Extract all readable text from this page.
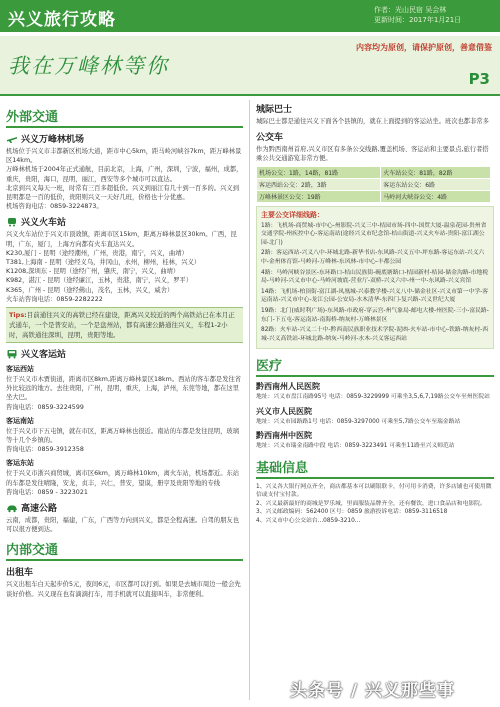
兴义旅行攻略	作者：光山民宿 吴会林
更新时间：2017年1月21日
我在万峰林等你
内容均为原创，请保护原创，善意借鉴
P3
外部交通
兴义万峰林机场

机场位于兴义市丰都新区机场大道，距市中心5km，距马岭河峡谷7km，距万峰林景区14km。

万峰林机场于2004年正式通航，目前北京，上海，广州，深圳，宁波，福州，成都，重庆，贵阳，海口，昆明，丽江，西安等多个城市可以直达。

北京到兴义每天一班，时常有三百多超低价。兴义到丽江有几十到一百多的。兴义到昆明都是一百的低价，贵阳则兴义一天好几班，价格也十分优惠。

机场咨询电话：0859-3224873。

兴义火车站

兴义火车站位于兴义市顶效镇，距离市区15km，距离万峰林景区30km。广西，昆明，广东，厦门，上海方向都有火车直达兴义。

K230,厦门 - 昆明（途经潮州，广州，贵港，南宁，兴义，曲靖）

T381,上海南 - 昆明（途经义乌，井冈山，永州，柳州，桂林，兴义）

K1208,深圳东 - 昆明（途经广州，肇庆，南宁，兴义，曲靖）

K982，湛江 - 昆明（途经廉江，玉林，贵港，南宁，兴义，罗平）

K365，广州 - 昆明（途经佛山，茂名，玉林，兴义，威舍）

火车站咨询电话：0859-2282222

Tips:目前通往兴义的高铁已经在建设，距离兴义较近的两个高铁站已在本月正式通车，一个是普安站，一个是盘州站，都有高速公路通往兴义，车程1-2小时，高铁通往深圳，昆明，贵阳等地。
兴义客运站
客运西站

位于兴义市木贾街道，距离市区8km,距离万峰林景区18km。西站的客车都是发往省外比较远的地方。去往贵阳，广州，昆明，重庆，上海，泸州，东莞等地，都在这里坐大巴。

咨询电话：0859-3224599

客运南站

位于兴义市下五屯镇，就在市区，距离万峰林也很近。南站的车都是发往昆明，玻璃等十几个乡镇的。

咨询电话：0859-3912358

客运东站

位于兴义市浙兴商贸城，离市区6km，离万峰林10km，离火车站，机场都近。东站的车都是发往晴隆，安龙，贞丰，兴仁，普安，望谟，册亨及贵阳等地的专线

咨询电话：0859 - 3223021

高速公路

云南，成都，贵阳，福建，广东，广西等方向到兴义，都是全程高速。自驾的朋友也可以很方便到达。

内部交通
出租车

兴义出租车白天起步价5元，夜间6元，市区都可以打到。如果是去城市周边一般会先谈好价格。兴义现在也有滴滴打车，用手机就可以直接叫车，非常便利。

城际巴士

城际巴士都是通往兴义下面各个县镇的，就在上面提到的客运站坐。班次也都非常多

公交车

作为黔西南州首府,兴义市区有多条公交线路,覆盖机场、客运站和主要景点,旅行者搭乘公共交通游览非常方便。

机场公交：1路，14路，81路	火车站公交：81路，82路
客运西站公交：2路，3路	客运东站公交：6路
万峰林景区公交：19路	马岭河大峡谷公交：4路
主要公交详细线路：

1路：飞机场-商贸城-市中心-州影院-兴义三中-桔园市场-四中-国贸大厦-温泉花园-贵州省交通学院-州疾控中心-客运南站(途经兴义市纪念馆-桔山街道-兴义火车站-贵阳-富江湖公园-北门)

2路：客运西站-兴义八中-环城北路-新华书店-东风路-兴义五中-坪东路-客运东站-兴义六中-金州体育馆-马岭河-万峰林-东风林-市中心-丰都公园

4路：马岭河峡谷景区-东环路口-桔山民族街-碗底塘路口-桔园新村-桔园-储金沟路-市地税局-马岭河-兴义市中心-马岭河坡底-营业厅-双桥-兴义六中-州一中-东风路-兴义宾馆

14路：飞机场-柏顶街-富江湖-凤凰城-兴泰教学楼-兴义八中-储金社区-兴义市第一中学-客运南站-兴义市中心-龙江公园-公安局-水木清华-东四门-复兴路-兴义世纪大厦

19路：北门(威时利广场)-东风路-市政府-穿云宫-州气象局-邮电大楼-州医院-三小-富民路-东门-下五屯-客运南站-南海桥-纳灰村-万峰林景区

82路：火车站-兴义二十中-黔西南民族职业技术学院-泥凼-火车站-市中心-铁路-纳灰村-西城-兴义高铁站-环城北路-纳灰-马岭河-水木-兴义客运西站

医疗
黔西南州人民医院

地址：兴义市盘江南路95号 电话：0859-3229999 可乘坐3,5,6,7,19路公交车至州医院站

兴义市人民医院

地址：兴义市园路路1号 电话：0859-3297000 可乘坐5,7路公交车至瑞金路站

黔西南州中医院

地址：兴义市瑞金南路中段 电话：0859-3223491 可乘坐11路至兴义师范站

基础信息

1、兴义各大银行网点齐全，商店都基本可以刷银联卡，付可用卡消费，许多店铺也可使用微信或支付宝付款。

2、兴义最新最好的商城是罗乐城，里面服装品牌齐全，还有餐饮，进口食品店和电影院。

3、兴义邮政编码：562400 区号：0859 旅游投诉电话：0859-3116518

4、兴义市中心公交站台...0859-3210...

头条号 / 兴义那些事
